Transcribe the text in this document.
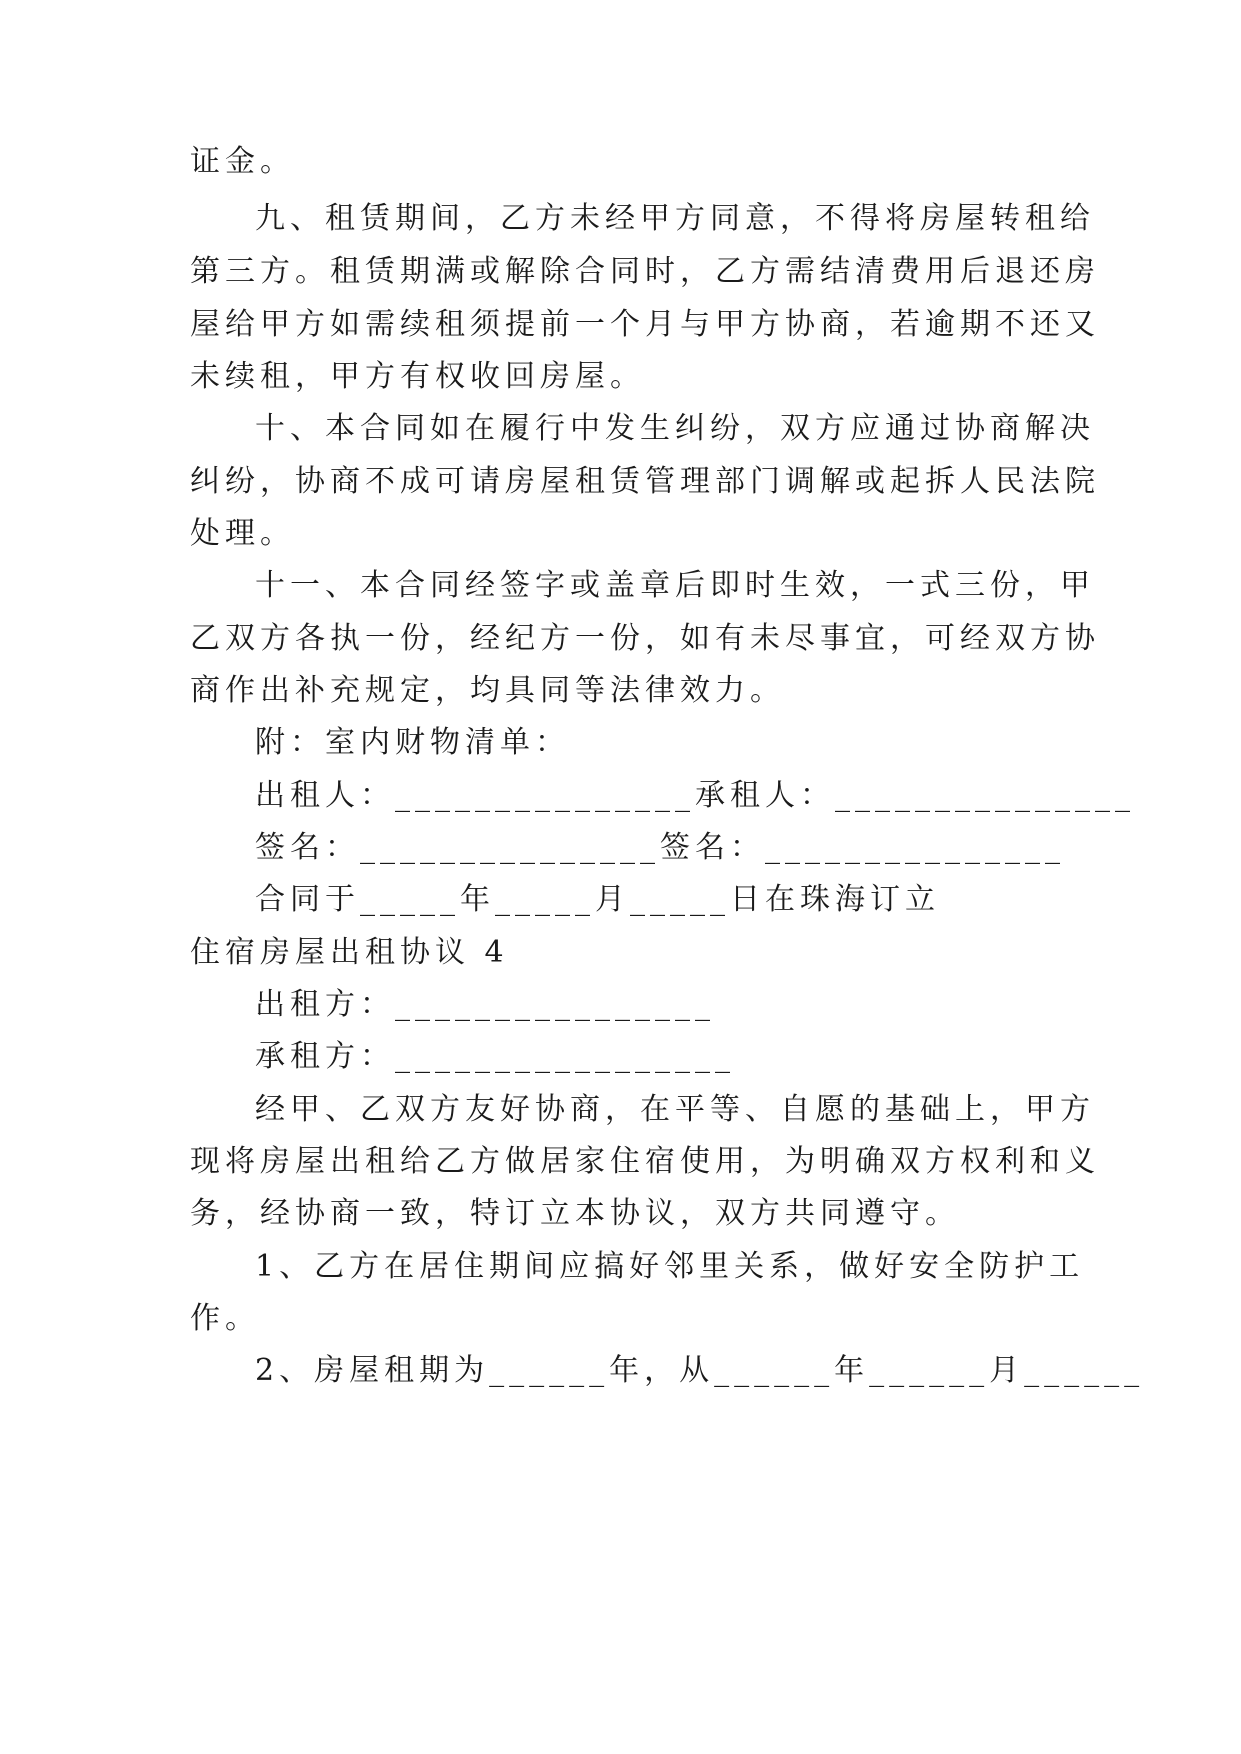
证金。
九、租赁期间，乙方未经甲方同意，不得将房屋转租给
第三方。租赁期满或解除合同时，乙方需结清费用后退还房
屋给甲方如需续租须提前一个月与甲方协商，若逾期不还又
未续租，甲方有权收回房屋。
十、本合同如在履行中发生纠纷，双方应通过协商解决
纠纷，协商不成可请房屋租赁管理部门调解或起拆人民法院
处理。
十一、本合同经签字或盖章后即时生效，一式三份，甲
乙双方各执一份，经纪方一份，如有未尽事宜，可经双方协
商作出补充规定，均具同等法律效力。
附：室内财物清单：
出租人：_______________承租人：_______________
签名：_______________签名：_______________
合同于_____年_____月_____日在珠海订立
住宿房屋出租协议 4
出租方：________________
承租方：_________________
经甲、乙双方友好协商，在平等、自愿的基础上，甲方
现将房屋出租给乙方做居家住宿使用，为明确双方权利和义
务，经协商一致，特订立本协议，双方共同遵守。
1、乙方在居住期间应搞好邻里关系，做好安全防护工
作。
2、房屋租期为______年，从______年______月______
